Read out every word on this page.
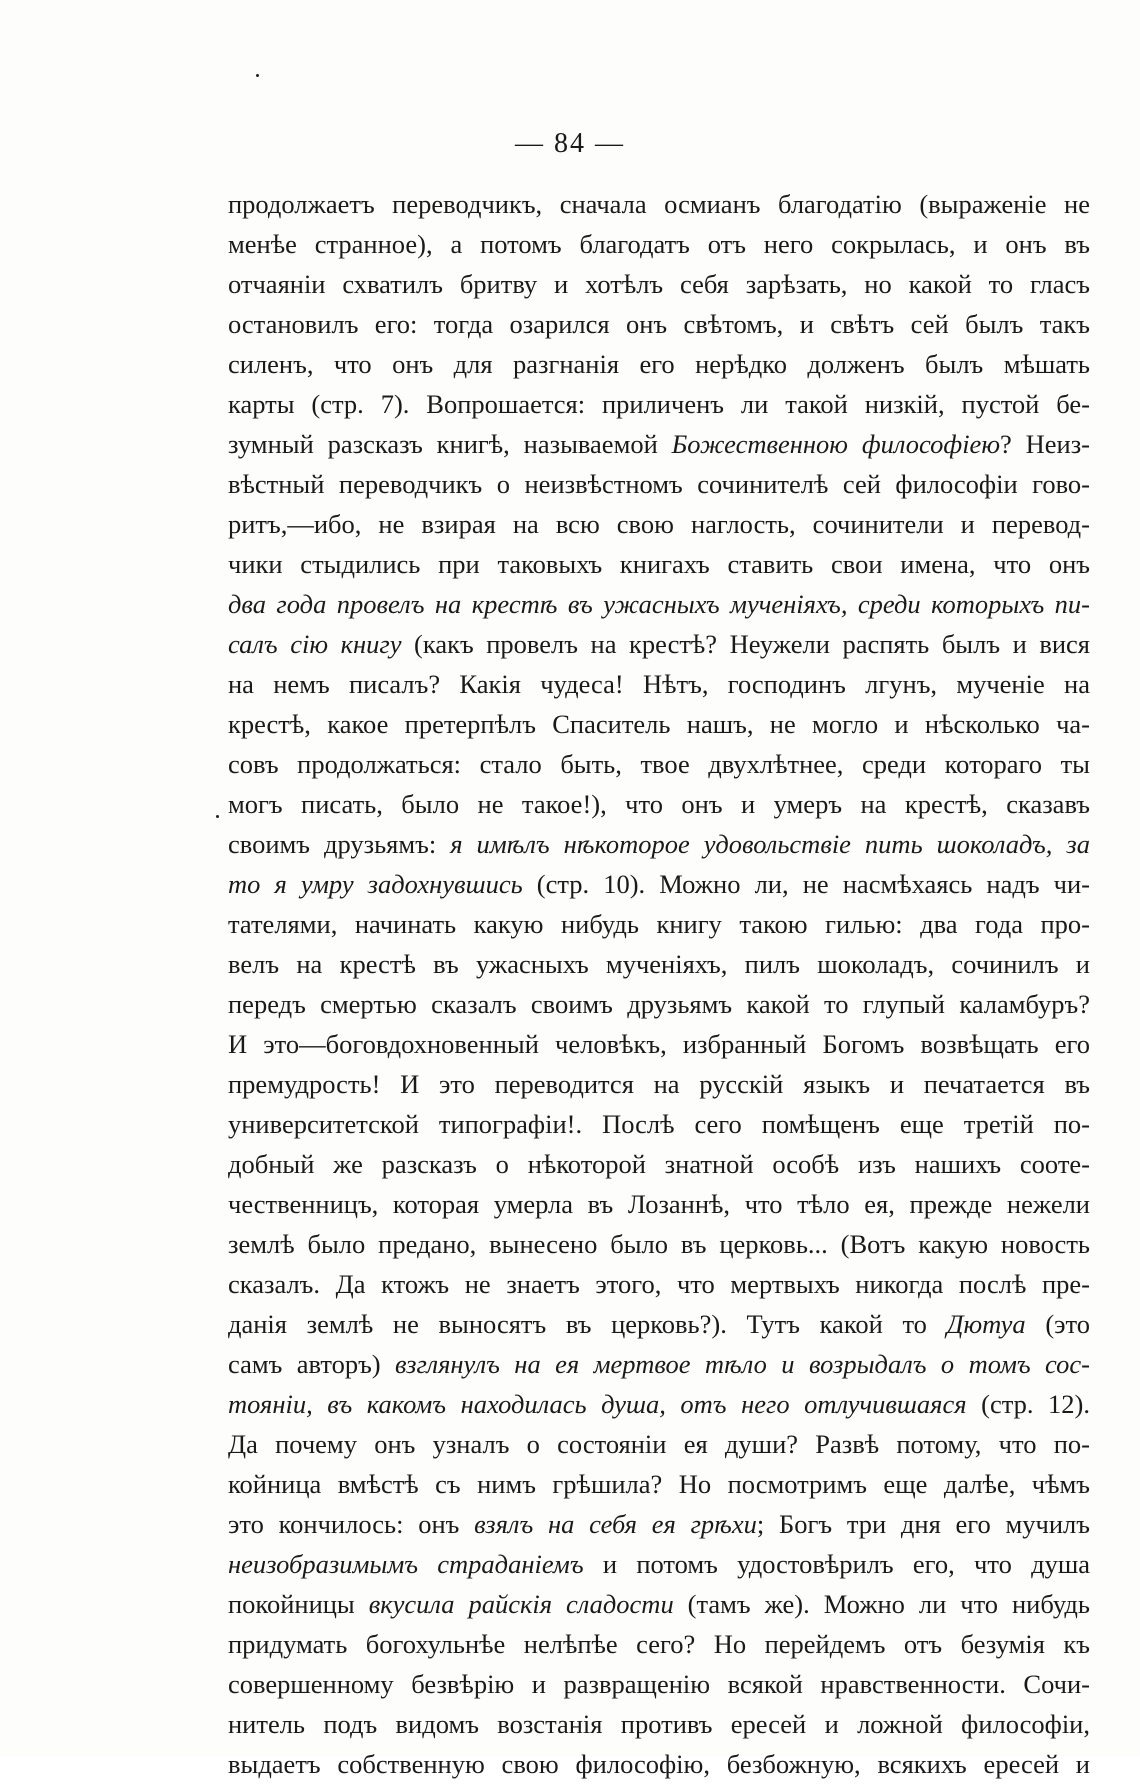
— 84 —
продолжаетъ переводчикъ, сначала осмианъ благодатію (выраженіе не
менѣе странное), а потомъ благодатъ отъ него сокрылась, и онъ въ
отчаяніи схватилъ бритву и хотѣлъ себя зарѣзать, но какой то гласъ
остановилъ его: тогда озарился онъ свѣтомъ, и свѣтъ сей былъ такъ
силенъ, что онъ для разгнанія его нерѣдко долженъ былъ мѣшать
карты (стр. 7). Вопрошается: приличенъ ли такой низкій, пустой бе-
зумный разсказъ книгѣ, называемой Божественною философіею? Неиз-
вѣстный переводчикъ о неизвѣстномъ сочинителѣ сей философіи гово-
ритъ,—ибо, не взирая на всю свою наглость, сочинители и перевод-
чики стыдились при таковыхъ книгахъ ставить свои имена, что онъ
два года провелъ на крестѣ въ ужасныхъ мученіяхъ, среди которыхъ пи-
салъ сію книгу (какъ провелъ на крестѣ? Неужели распять былъ и вися
на немъ писалъ? Какія чудеса! Нѣтъ, господинъ лгунъ, мученіе на
крестѣ, какое претерпѣлъ Спаситель нашъ, не могло и нѣсколько ча-
совъ продолжаться: стало быть, твое двухлѣтнее, среди котораго ты
могъ писать, было не такое!), что онъ и умеръ на крестѣ, сказавъ
своимъ друзьямъ: я имѣлъ нѣкоторое удовольствіе пить шоколадъ, за
то я умру задохнувшись (стр. 10). Можно ли, не насмѣхаясь надъ чи-
тателями, начинать какую нибудь книгу такою гилью: два года про-
велъ на крестѣ въ ужасныхъ мученіяхъ, пилъ шоколадъ, сочинилъ и
передъ смертью сказалъ своимъ друзьямъ какой то глупый каламбуръ?
И это—боговдохновенный человѣкъ, избранный Богомъ возвѣщать его
премудрость! И это переводится на русскій языкъ и печатается въ
университетской типографіи!. Послѣ сего помѣщенъ еще третій по-
добный же разсказъ о нѣкоторой знатной особѣ изъ нашихъ соотe-
чественницъ, которая умерла въ Лозаннѣ, что тѣло ея, прежде нежели
землѣ было предано, вынесено было въ церковь... (Вотъ какую новость
сказалъ. Да ктожъ не знаетъ этого, что мертвыхъ никогда послѣ пре-
данія землѣ не выносятъ въ церковь?). Тутъ какой то Дютуа (это
самъ авторъ) взглянулъ на ея мертвое тѣло и возрыдалъ о томъ сос-
тояніи, въ какомъ находилась душа, отъ него отлучившаяся (стр. 12).
Да почему онъ узналъ о состояніи ея души? Развѣ потому, что по-
койница вмѣстѣ съ нимъ грѣшила? Но посмотримъ еще далѣе, чѣмъ
это кончилось: онъ взялъ на себя ея грѣхи; Богъ три дня его мучилъ
неизобразимымъ страданіемъ и потомъ удостовѣрилъ его, что душа
покойницы вкусила райскія сладости (тамъ же). Можно ли что нибудь
придумать богохульнѣе нелѣпѣе сего? Но перейдемъ отъ безумія къ
совершенному безвѣрію и развращенію всякой нравственности. Сочи-
нитель подъ видомъ возстанія противъ ересей и ложной философіи,
выдаетъ собственную свою философію, безбожную, всякихъ ересей и
